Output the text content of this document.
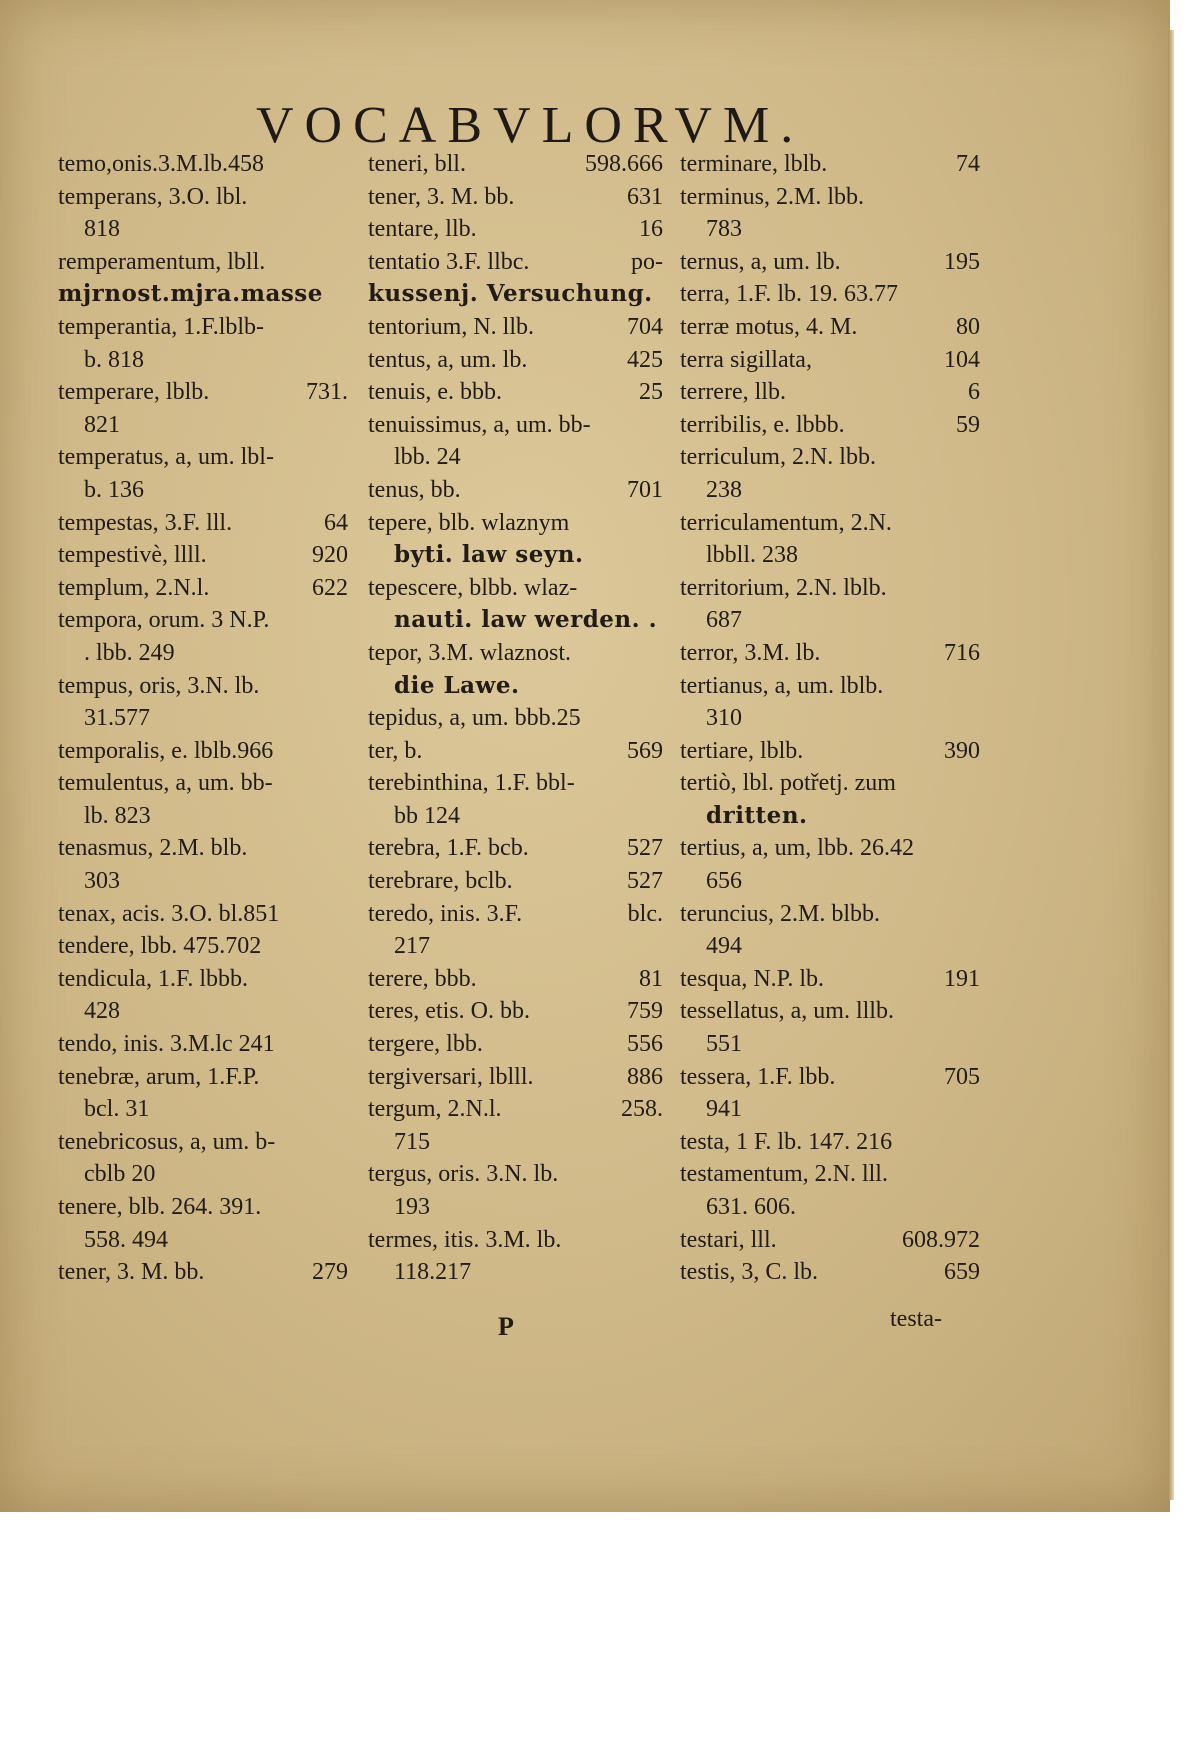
VOCABVLORVM.
temo,onis.3.M.lb.458
temperans, 3.O. lbl.
818
remperamentum, lbll.
mjrnost.mjra.masse
temperantia, 1.F.lblb-
b. 818
temperare, lblb.	731.
821
temperatus, a, um. lbl-
b. 136
tempestas, 3.F. lll.	64
tempestivè, llll.	920
templum, 2.N.l.	622
tempora, orum. 3 N.P.
. lbb. 249
tempus, oris, 3.N. lb.
31.577
temporalis, e. lblb.966
temulentus, a, um. bb-
lb. 823
tenasmus, 2.M. blb.
303
tenax, acis. 3.O. bl.851
tendere, lbb. 475.702
tendicula, 1.F. lbbb.
428
tendo, inis. 3.M.lc 241
tenebræ, arum, 1.F.P.
bcl. 31
tenebricosus, a, um. b-
cblb 20
tenere, blb. 264. 391.
558. 494
tener, 3. M. bb.	279
teneri, bll.	598.666
tener, 3. M. bb.	631
tentare, llb.	16
tentatio 3.F. llbc.	po-
kussenj. Versuchung.
tentorium, N. llb.	704
tentus, a, um. lb.	425
tenuis, e. bbb.	25
tenuissimus, a, um. bb-
lbb. 24
tenus, bb.	701
tepere, blb. wlaznym
byti. law seyn.
tepescere, blbb. wlaz-
nauti. law werden. .
tepor, 3.M. wlaznost.
die Lawe.
tepidus, a, um. bbb.25
ter, b.	569
terebinthina, 1.F. bbl-
bb 124
terebra, 1.F. bcb.	527
terebrare, bclb.	527
teredo, inis. 3.F.	blc.
217
terere, bbb.	81
teres, etis. O. bb.	759
tergere, lbb.	556
tergiversari, lblll.	886
tergum, 2.N.l.	258.
715
tergus, oris. 3.N. lb.
193
termes, itis. 3.M. lb.
118.217
terminare, lblb.	74
terminus, 2.M. lbb.
783
ternus, a, um. lb.	195
terra, 1.F. lb. 19. 63.77
terræ motus, 4. M.	80
terra sigillata,	104
terrere, llb.	6
terribilis, e. lbbb.	59
terriculum, 2.N. lbb.
238
terriculamentum, 2.N.
lbbll. 238
territorium, 2.N. lblb.
687
terror, 3.M. lb.	716
tertianus, a, um. lblb.
310
tertiare, lblb.	390
tertiò, lbl. potřetj. zum
dritten.
tertius, a, um, lbb. 26.42
656
teruncius, 2.M. blbb.
494
tesqua, N.P. lb.	191
tessellatus, a, um. lllb.
551
tessera, 1.F. lbb.	705
941
testa, 1 F. lb. 147. 216
testamentum, 2.N. lll.
631. 606.
testari, lll.	608.972
testis, 3, C. lb.	659
P	testa-
STRAHOV	STRAHOV
